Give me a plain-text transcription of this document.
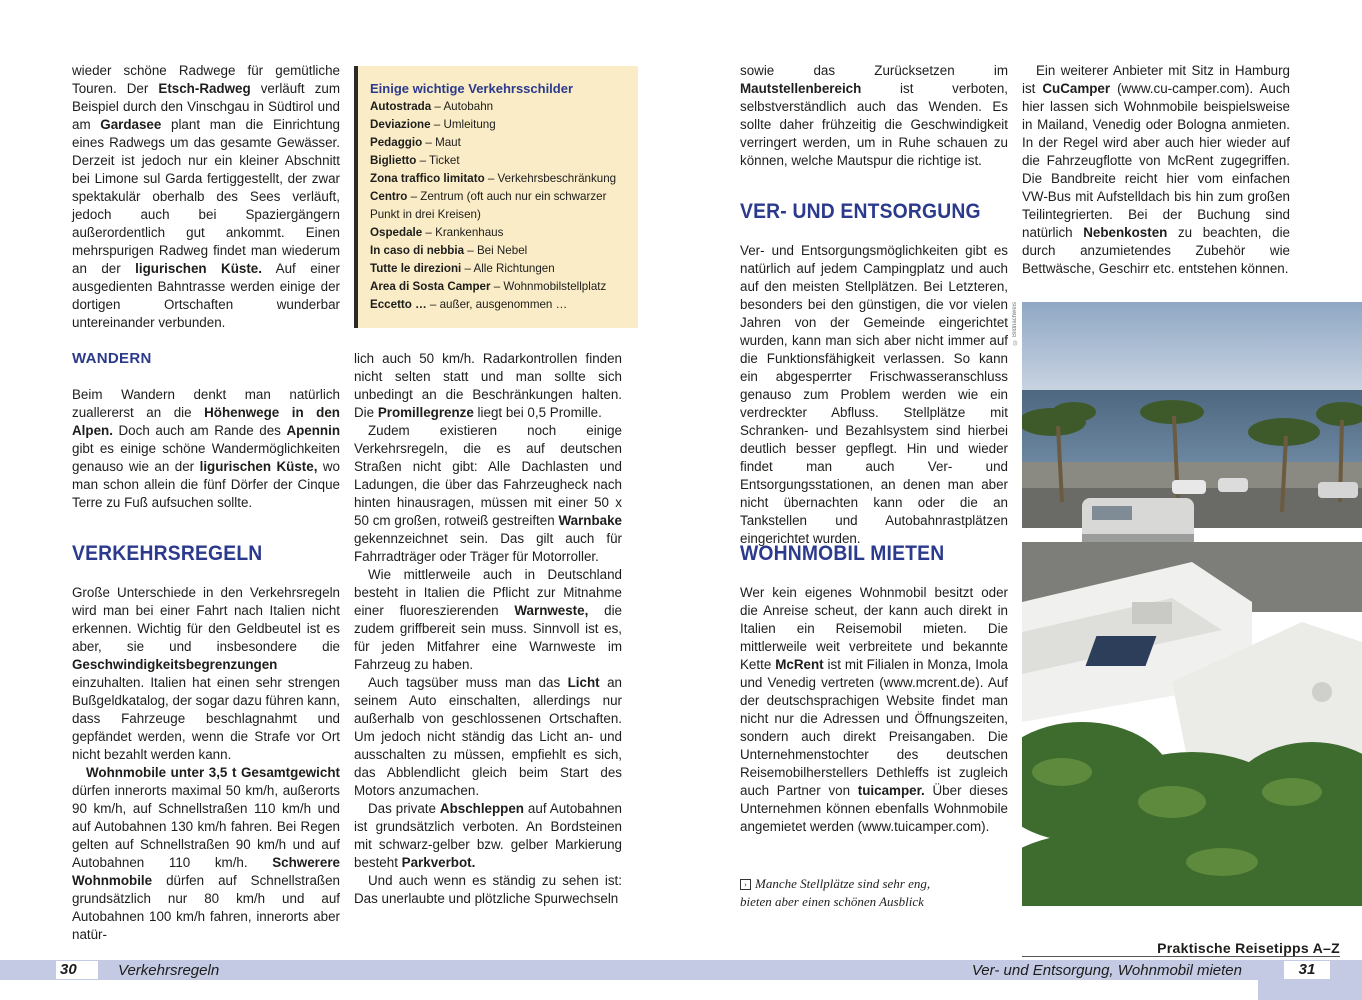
wieder schöne Radwege für gemütliche Touren. Der Etsch-Radweg verläuft zum Beispiel durch den Vinschgau in Südtirol und am Gardasee plant man die Einrichtung eines Radwegs um das gesamte Gewässer. Derzeit ist jedoch nur ein kleiner Abschnitt bei Limone sul Garda fertiggestellt, der zwar spektakulär oberhalb des Sees verläuft, jedoch auch bei Spaziergängern außerordentlich gut ankommt. Einen mehrspurigen Radweg findet man wiederum an der ligurischen Küste. Auf einer ausgedienten Bahntrasse werden einige der dortigen Ortschaften wunderbar untereinander verbunden.

WANDERN

Beim Wandern denkt man natürlich zuallererst an die Höhenwege in den Alpen. Doch auch am Rande des Apennin gibt es einige schöne Wandermöglichkeiten genauso wie an der ligurischen Küste, wo man schon allein die fünf Dörfer der Cinque Terre zu Fuß aufsuchen sollte.

VERKEHRSREGELN

Große Unterschiede in den Verkehrsregeln wird man bei einer Fahrt nach Italien nicht erkennen. Wichtig für den Geldbeutel ist es aber, sie und insbesondere die Geschwindigkeitsbegrenzungen einzuhalten. Italien hat einen sehr strengen Bußgeldkatalog, der sogar dazu führen kann, dass Fahrzeuge beschlagnahmt und gepfändet werden, wenn die Strafe vor Ort nicht bezahlt werden kann.

Wohnmobile unter 3,5 t Gesamtgewicht dürfen innerorts maximal 50 km/h, außerorts 90 km/h, auf Schnellstraßen 110 km/h und auf Autobahnen 130 km/h fahren. Bei Regen gelten auf Schnellstraßen 90 km/h und auf Autobahnen 110 km/h. Schwerere Wohnmobile dürfen auf Schnellstraßen grundsätzlich nur 80 km/h und auf Autobahnen 100 km/h fahren, innerorts aber natür-

Einige wichtige Verkehrsschilder
Autostrada – Autobahn
Deviazione – Umleitung
Pedaggio – Maut
Biglietto – Ticket
Zona traffico limitato – Verkehrsbeschränkung
Centro – Zentrum (oft auch nur ein schwarzer Punkt in drei Kreisen)
Ospedale – Krankenhaus
In caso di nebbia – Bei Nebel
Tutte le direzioni – Alle Richtungen
Area di Sosta Camper – Wohnmobilstellplatz
Eccetto … – außer, ausgenommen …

lich auch 50 km/h. Radarkontrollen finden nicht selten statt und man sollte sich unbedingt an die Beschränkungen halten. Die Promillegrenze liegt bei 0,5 Promille.

Zudem existieren noch einige Verkehrsregeln, die es auf deutschen Straßen nicht gibt: Alle Dachlasten und Ladungen, die über das Fahrzeugheck nach hinten hinausragen, müssen mit einer 50 x 50 cm großen, rotweiß gestreiften Warnbake gekennzeichnet sein. Das gilt auch für Fahrradträger oder Träger für Motorroller.

Wie mittlerweile auch in Deutschland besteht in Italien die Pflicht zur Mitnahme einer fluoreszierenden Warnweste, die zudem griffbereit sein muss. Sinnvoll ist es, für jeden Mitfahrer eine Warnweste im Fahrzeug zu haben.

Auch tagsüber muss man das Licht an seinem Auto einschalten, allerdings nur außerhalb von geschlossenen Ortschaften. Um jedoch nicht ständig das Licht an- und ausschalten zu müssen, empfiehlt es sich, das Abblendlicht gleich beim Start des Motors anzumachen.

Das private Abschleppen auf Autobahnen ist grundsätzlich verboten. An Bordsteinen mit schwarz-gelber bzw. gelber Markierung besteht Parkverbot.

Und auch wenn es ständig zu sehen ist: Das unerlaubte und plötzliche Spurwechseln

sowie das Zurücksetzen im Mautstellenbereich ist verboten, selbstverständlich auch das Wenden. Es sollte daher frühzeitig die Geschwindigkeit verringert werden, um in Ruhe schauen zu können, welche Mautspur die richtige ist.

VER- UND ENTSORGUNG

Ver- und Entsorgungsmöglichkeiten gibt es natürlich auf jedem Campingplatz und auch auf den meisten Stellplätzen. Bei Letzteren, besonders bei den günstigen, die vor vielen Jahren von der Gemeinde eingerichtet wurden, kann man sich aber nicht immer auf die Funktionsfähigkeit verlassen. So kann ein abgesperrter Frischwasseranschluss genauso zum Problem werden wie ein verdreckter Abfluss. Stellplätze mit Schranken- und Bezahlsystem sind hierbei deutlich besser gepflegt. Hin und wieder findet man auch Ver- und Entsorgungsstationen, an denen man aber nicht übernachten kann oder die an Tankstellen und Autobahnrastplätzen eingerichtet wurden.

WOHNMOBIL MIETEN

Wer kein eigenes Wohnmobil besitzt oder die Anreise scheut, der kann auch direkt in Italien ein Reisemobil mieten. Die mittlerweile weit verbreitete und bekannte Kette McRent ist mit Filialen in Monza, Imola und Venedig vertreten (www.mcrent.de). Auf der deutschsprachigen Website findet man nicht nur die Adressen und Öffnungszeiten, sondern auch direkt Preisangaben. Die Unternehmenstochter des deutschen Reisemobilherstellers Dethleffs ist zugleich auch Partner von tuicamper. Über dieses Unternehmen können ebenfalls Wohnmobile angemietet werden (www.tuicamper.com).

› Manche Stellplätze sind sehr eng,
bieten aber einen schönen Ausblick

Ein weiterer Anbieter mit Sitz in Hamburg ist CuCamper (www.cu-camper.com). Auch hier lassen sich Wohnmobile beispielsweise in Mailand, Venedig oder Bologna anmieten. In der Regel wird aber auch hier wieder auf die Fahrzeugflotte von McRent zugegriffen. Die Bandbreite reicht hier vom einfachen VW-Bus mit Aufstelldach bis hin zum großen Teilintegrierten. Bei der Buchung sind natürlich Nebenkosten zu beachten, die durch anzumietendes Zubehör wie Bettwäsche, Geschirr etc. entstehen können.

© Bildnachweis
30	Verkehrsregeln
Praktische Reisetipps A–Z
Ver- und Entsorgung, Wohnmobil mieten	31
